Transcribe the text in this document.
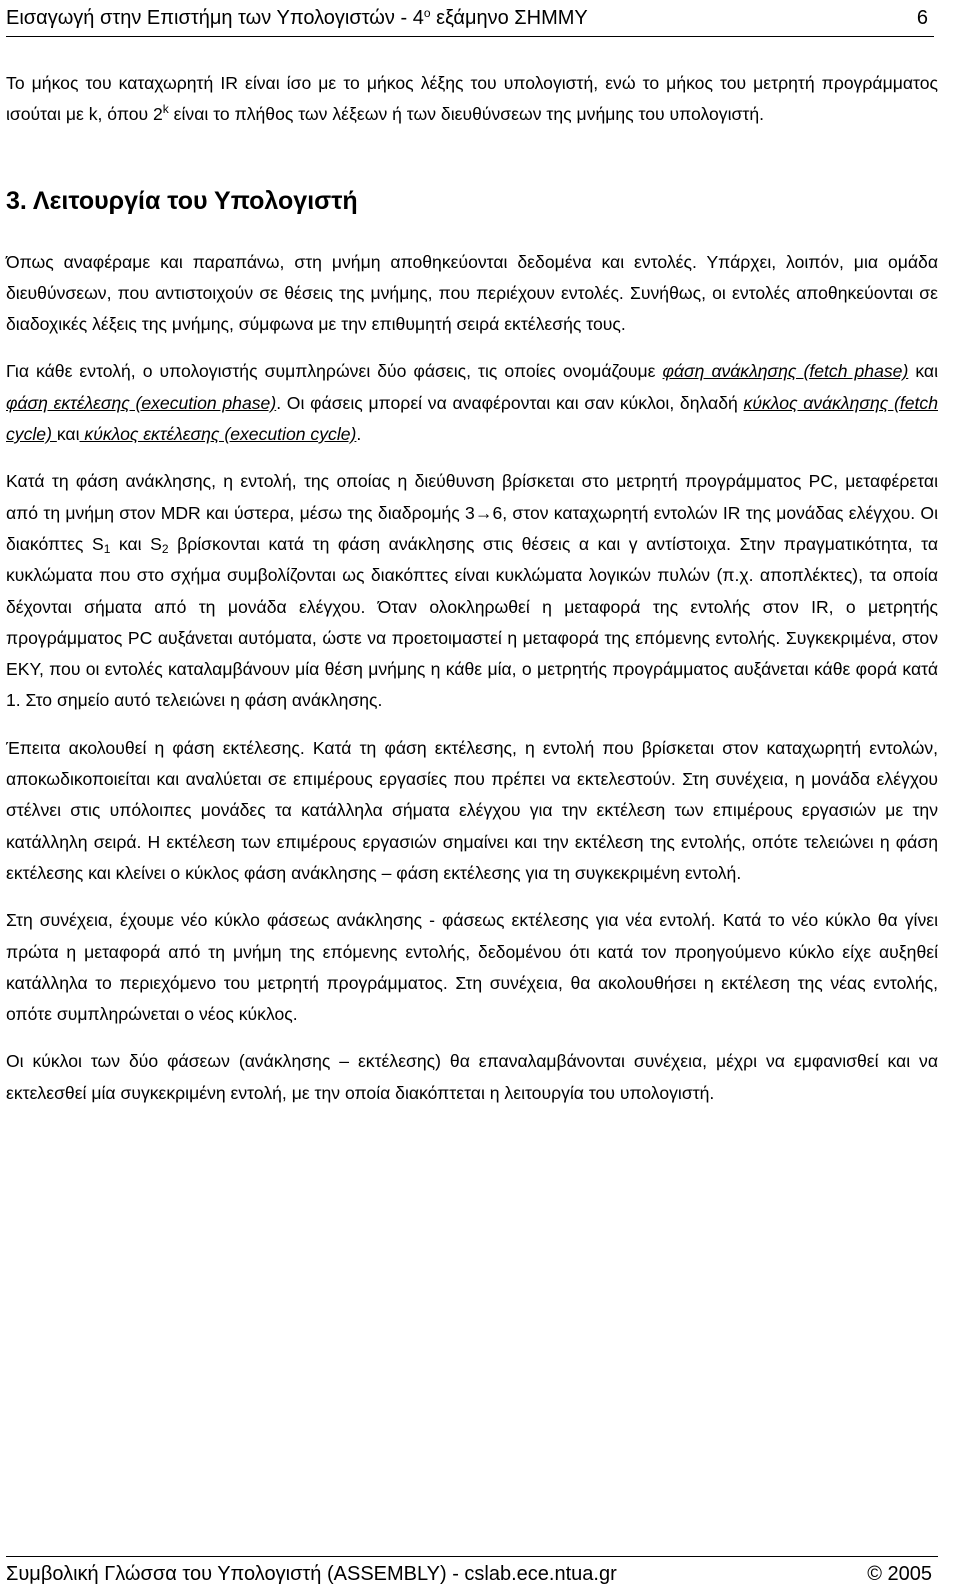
Εισαγωγή στην Επιστήμη των Υπολογιστών - $4^o$ εξάμηνο ΣΗΜΜΥ	6

Το μήκος του καταχωρητή IR είναι ίσο με το μήκος λέξης του υπολογιστή, ενώ το μήκος του μετρητή προγράμματος ισούται με k, όπου 2$^k$ είναι το πλήθος των λέξεων ή των διευθύνσεων της μνήμης του υπολογιστή.

3. Λειτουργία του Υπολογιστή

Όπως αναφέραμε και παραπάνω, στη μνήμη αποθηκεύονται δεδομένα και εντολές. Υπάρχει, λοιπόν, μια ομάδα διευθύνσεων, που αντιστοιχούν σε θέσεις της μνήμης, που περιέχουν εντολές. Συνήθως, οι εντολές αποθηκεύονται σε διαδοχικές λέξεις της μνήμης, σύμφωνα με την επιθυμητή σειρά εκτέλεσής τους.

Για κάθε εντολή, ο υπολογιστής συμπληρώνει δύο φάσεις, τις οποίες ονομάζουμε φάση ανάκλησης (fetch phase) και φάση εκτέλεσης (execution phase). Οι φάσεις μπορεί να αναφέρονται και σαν κύκλοι, δηλαδή κύκλος ανάκλησης (fetch cycle) και κύκλος εκτέλεσης (execution cycle).

Κατά τη φάση ανάκλησης, η εντολή, της οποίας η διεύθυνση βρίσκεται στο μετρητή προγράμματος PC, μεταφέρεται από τη μνήμη στον MDR και ύστερα, μέσω της διαδρομής 3→6, στον καταχωρητή εντολών IR της μονάδας ελέγχου. Οι διακόπτες $S_1$ και $S_2$ βρίσκονται κατά τη φάση ανάκλησης στις θέσεις α και γ αντίστοιχα. Στην πραγματικότητα, τα κυκλώματα που στο σχήμα συμβολίζονται ως διακόπτες είναι κυκλώματα λογικών πυλών (π.χ. αποπλέκτες), τα οποία δέχονται σήματα από τη μονάδα ελέγχου. Όταν ολοκληρωθεί η μεταφορά της εντολής στον IR, ο μετρητής προγράμματος PC αυξάνεται αυτόματα, ώστε να προετοιμαστεί η μεταφορά της επόμενης εντολής. Συγκεκριμένα, στον ΕΚΥ, που οι εντολές καταλαμβάνουν μία θέση μνήμης η κάθε μία, ο μετρητής προγράμματος αυξάνεται κάθε φορά κατά 1. Στο σημείο αυτό τελειώνει η φάση ανάκλησης.

Έπειτα ακολουθεί η φάση εκτέλεσης. Κατά τη φάση εκτέλεσης, η εντολή που βρίσκεται στον καταχωρητή εντολών, αποκωδικοποιείται και αναλύεται σε επιμέρους εργασίες που πρέπει να εκτελεστούν. Στη συνέχεια, η μονάδα ελέγχου στέλνει στις υπόλοιπες μονάδες τα κατάλληλα σήματα ελέγχου για την εκτέλεση των επιμέρους εργασιών με την κατάλληλη σειρά. Η εκτέλεση των επιμέρους εργασιών σημαίνει και την εκτέλεση της εντολής, οπότε τελειώνει η φάση εκτέλεσης και κλείνει ο κύκλος φάση ανάκλησης – φάση εκτέλεσης για τη συγκεκριμένη εντολή.

Στη συνέχεια, έχουμε νέο κύκλο φάσεως ανάκλησης - φάσεως εκτέλεσης για νέα εντολή. Κατά το νέο κύκλο θα γίνει πρώτα η μεταφορά από τη μνήμη της επόμενης εντολής, δεδομένου ότι κατά τον προηγούμενο κύκλο είχε αυξηθεί κατάλληλα το περιεχόμενο του μετρητή προγράμματος. Στη συνέχεια, θα ακολουθήσει η εκτέλεση της νέας εντολής, οπότε συμπληρώνεται ο νέος κύκλος.

Οι κύκλοι των δύο φάσεων (ανάκλησης – εκτέλεσης) θα επαναλαμβάνονται συνέχεια, μέχρι να εμφανισθεί και να εκτελεσθεί μία συγκεκριμένη εντολή, με την οποία διακόπτεται η λειτουργία του υπολογιστή.

Συμβολική Γλώσσα του Υπολογιστή (ASSEMBLY) - cslab.ece.ntua.gr	© 2005
